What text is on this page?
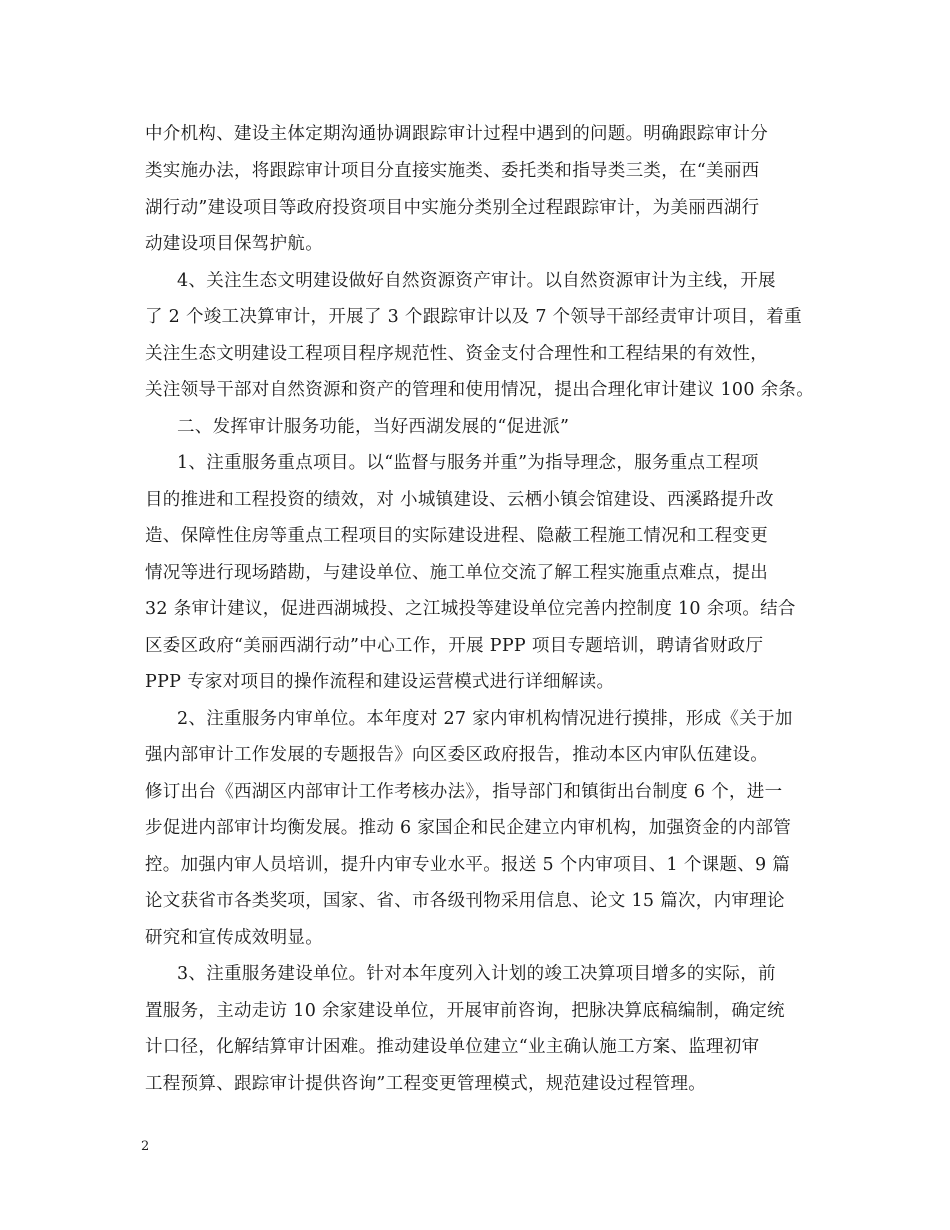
中介机构、建设主体定期沟通协调跟踪审计过程中遇到的问题。明确跟踪审计分
类实施办法，将跟踪审计项目分直接实施类、委托类和指导类三类，在“美丽西
湖行动”建设项目等政府投资项目中实施分类别全过程跟踪审计，为美丽西湖行
动建设项目保驾护航。
4、关注生态文明建设做好自然资源资产审计。以自然资源审计为主线，开展
了 2 个竣工决算审计，开展了 3 个跟踪审计以及 7 个领导干部经责审计项目，着重
关注生态文明建设工程项目程序规范性、资金支付合理性和工程结果的有效性，
关注领导干部对自然资源和资产的管理和使用情况，提出合理化审计建议 100 余条。
二、发挥审计服务功能，当好西湖发展的“促进派”
1、注重服务重点项目。以“监督与服务并重”为指导理念，服务重点工程项
目的推进和工程投资的绩效，对 小城镇建设、云栖小镇会馆建设、西溪路提升改
造、保障性住房等重点工程项目的实际建设进程、隐蔽工程施工情况和工程变更
情况等进行现场踏勘，与建设单位、施工单位交流了解工程实施重点难点，提出
32 条审计建议，促进西湖城投、之江城投等建设单位完善内控制度 10 余项。结合
区委区政府“美丽西湖行动”中心工作，开展 PPP 项目专题培训，聘请省财政厅
PPP 专家对项目的操作流程和建设运营模式进行详细解读。
2、注重服务内审单位。本年度对 27 家内审机构情况进行摸排，形成《关于加
强内部审计工作发展的专题报告》向区委区政府报告，推动本区内审队伍建设。
修订出台《西湖区内部审计工作考核办法》，指导部门和镇街出台制度 6 个，进一
步促进内部审计均衡发展。推动 6 家国企和民企建立内审机构，加强资金的内部管
控。加强内审人员培训，提升内审专业水平。报送 5 个内审项目、1 个课题、9 篇
论文获省市各类奖项，国家、省、市各级刊物采用信息、论文 15 篇次，内审理论
研究和宣传成效明显。
3、注重服务建设单位。针对本年度列入计划的竣工决算项目增多的实际，前
置服务，主动走访 10 余家建设单位，开展审前咨询，把脉决算底稿编制，确定统
计口径，化解结算审计困难。推动建设单位建立“业主确认施工方案、监理初审
工程预算、跟踪审计提供咨询”工程变更管理模式，规范建设过程管理。
2
